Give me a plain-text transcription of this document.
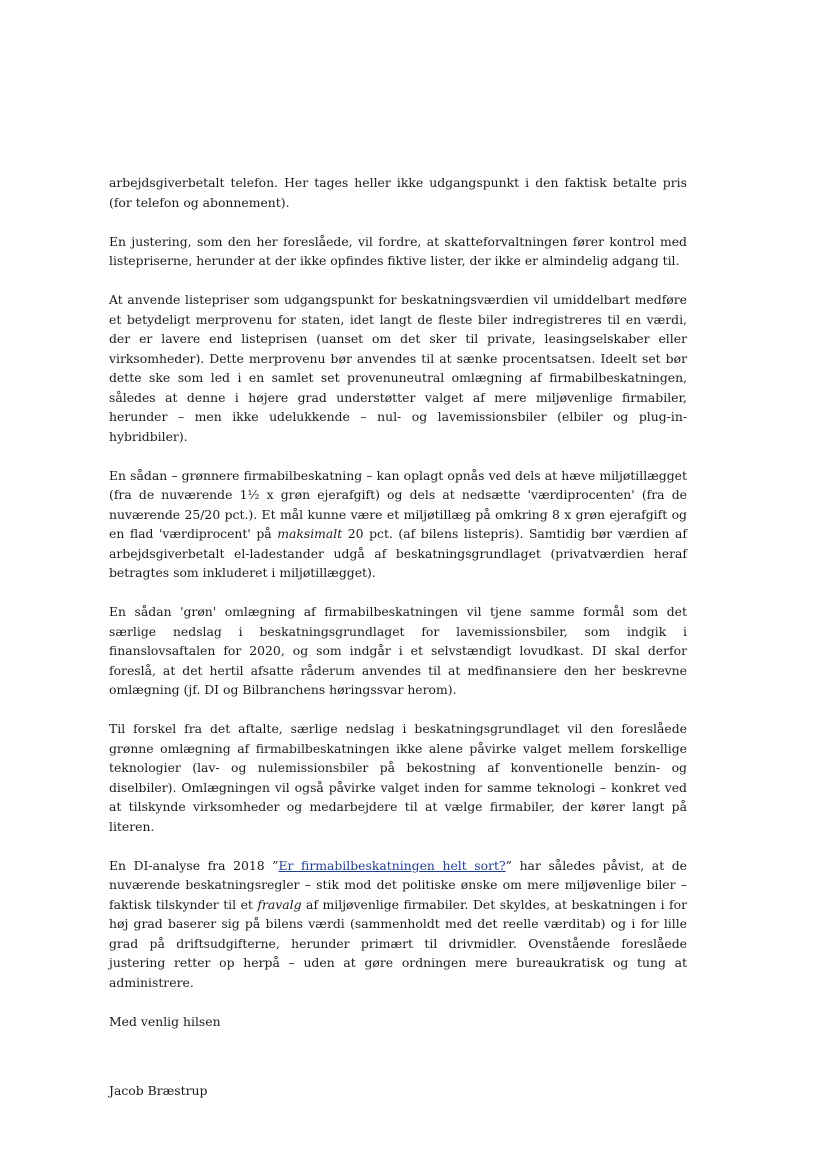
arbejdsgiverbetalt telefon. Her tages heller ikke udgangspunkt i den faktisk betalte pris (for telefon og abonnement).

En justering, som den her foreslåede, vil fordre, at skatteforvaltningen fører kontrol med listepriserne, herunder at der ikke opfindes fiktive lister, der ikke er almindelig adgang til.

At anvende listepriser som udgangspunkt for beskatningsværdien vil umiddelbart medføre et betydeligt merprovenu for staten, idet langt de fleste biler indregistreres til en værdi, der er lavere end listeprisen (uanset om det sker til private, leasingselskaber eller virksomheder). Dette merprovenu bør anvendes til at sænke procentsatsen. Ideelt set bør dette ske som led i en samlet set provenuneutral omlægning af firmabilbeskatningen, således at denne i højere grad understøtter valget af mere miljøvenlige firmabiler, herunder – men ikke udelukkende – nul- og lavemissionsbiler (elbiler og plug-in-hybridbiler).

En sådan – grønnere firmabilbeskatning – kan oplagt opnås ved dels at hæve miljøtillægget (fra de nuværende 1½ x grøn ejerafgift) og dels at nedsætte 'værdiprocenten' (fra de nuværende 25/20 pct.). Et mål kunne være et miljøtillæg på omkring 8 x grøn ejerafgift og en flad 'værdiprocent' på maksimalt 20 pct. (af bilens listepris). Samtidig bør værdien af arbejdsgiverbetalt el-ladestander udgå af beskatningsgrundlaget (privatværdien heraf betragtes som inkluderet i miljøtillægget).

En sådan 'grøn' omlægning af firmabilbeskatningen vil tjene samme formål som det særlige nedslag i beskatningsgrundlaget for lavemissionsbiler, som indgik i finanslovsaftalen for 2020, og som indgår i et selvstændigt lovudkast. DI skal derfor foreslå, at det hertil afsatte råderum anvendes til at medfinansiere den her beskrevne omlægning (jf. DI og Bilbranchens høringssvar herom).

Til forskel fra det aftalte, særlige nedslag i beskatningsgrundlaget vil den foreslåede grønne omlægning af firmabilbeskatningen ikke alene påvirke valget mellem forskellige teknologier (lav- og nulemissionsbiler på bekostning af konventionelle benzin- og diselbiler). Omlægningen vil også påvirke valget inden for samme teknologi – konkret ved at tilskynde virksomheder og medarbejdere til at vælge firmabiler, der kører langt på literen.

En DI-analyse fra 2018 ”Er firmabilbeskatningen helt sort?” har således påvist, at de nuværende beskatningsregler – stik mod det politiske ønske om mere miljøvenlige biler – faktisk tilskynder til et fravalg af miljøvenlige firmabiler. Det skyldes, at beskatningen i for høj grad baserer sig på bilens værdi (sammenholdt med det reelle værditab) og i for lille grad på driftsudgifterne, herunder primært til drivmidler. Ovenstående foreslåede justering retter op herpå – uden at gøre ordningen mere bureaukratisk og tung at administrere.

Med venlig hilsen

Jacob Bræstrup
